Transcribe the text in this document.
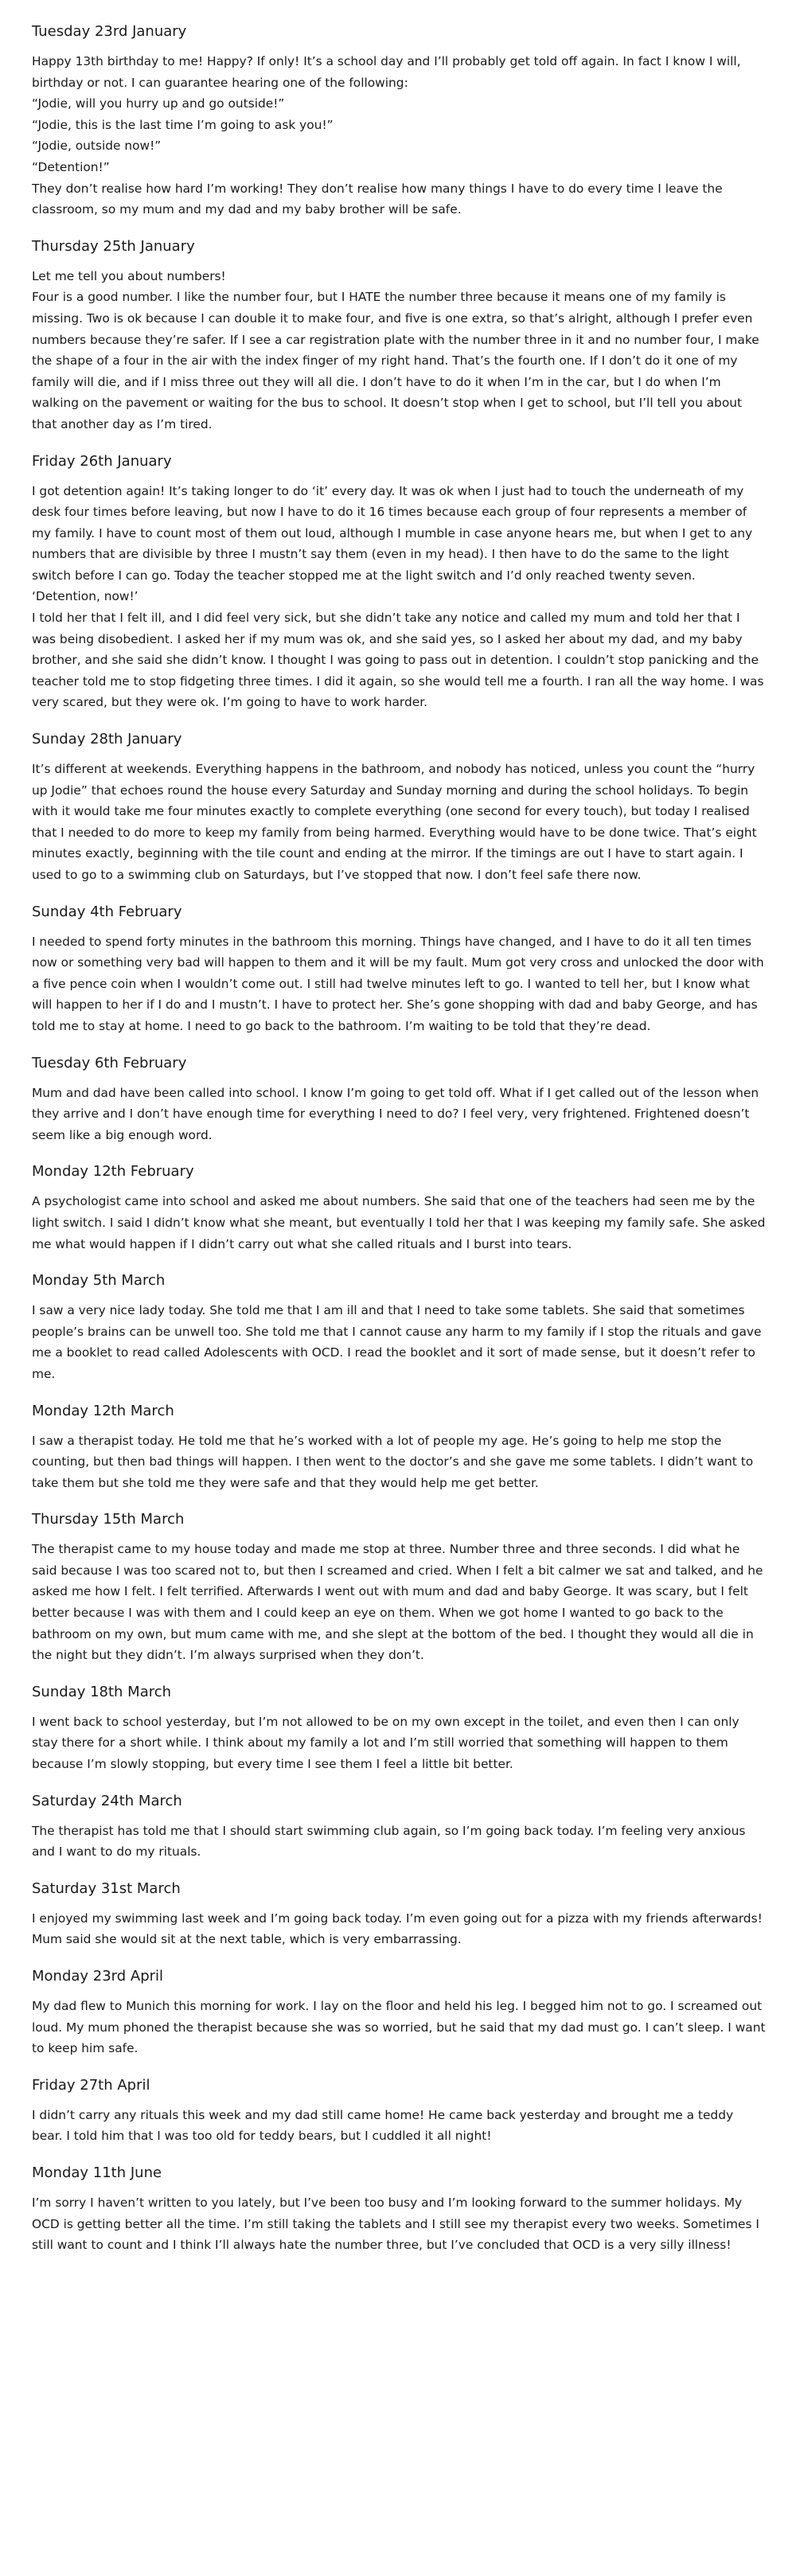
Tuesday 23rd January

Happy 13th birthday to me! Happy? If only! It’s a school day and I’ll probably get told off again. In fact I know I will, birthday or not. I can guarantee hearing one of the following:

“Jodie, will you hurry up and go outside!”

“Jodie, this is the last time I’m going to ask you!”

“Jodie, outside now!”

“Detention!”

They don’t realise how hard I’m working! They don’t realise how many things I have to do every time I leave the classroom, so my mum and my dad and my baby brother will be safe.

Thursday 25th January

Let me tell you about numbers!

Four is a good number. I like the number four, but I HATE the number three because it means one of my family is missing. Two is ok because I can double it to make four, and five is one extra, so that’s alright, although I prefer even numbers because they’re safer. If I see a car registration plate with the number three in it and no number four, I make the shape of a four in the air with the index finger of my right hand. That’s the fourth one. If I don’t do it one of my family will die, and if I miss three out they will all die. I don’t have to do it when I’m in the car, but I do when I’m walking on the pavement or waiting for the bus to school. It doesn’t stop when I get to school, but I’ll tell you about that another day as I’m tired.

Friday 26th January

I got detention again! It’s taking longer to do ‘it’ every day. It was ok when I just had to touch the underneath of my desk four times before leaving, but now I have to do it 16 times because each group of four represents a member of my family. I have to count most of them out loud, although I mumble in case anyone hears me, but when I get to any numbers that are divisible by three I mustn’t say them (even in my head). I then have to do the same to the light switch before I can go. Today the teacher stopped me at the light switch and I’d only reached twenty seven. ‘Detention, now!’

I told her that I felt ill, and I did feel very sick, but she didn’t take any notice and called my mum and told her that I was being disobedient. I asked her if my mum was ok, and she said yes, so I asked her about my dad, and my baby brother, and she said she didn’t know. I thought I was going to pass out in detention. I couldn’t stop panicking and the teacher told me to stop fidgeting three times. I did it again, so she would tell me a fourth. I ran all the way home. I was very scared, but they were ok. I’m going to have to work harder.

Sunday 28th January

It’s different at weekends. Everything happens in the bathroom, and nobody has noticed, unless you count the “hurry up Jodie” that echoes round the house every Saturday and Sunday morning and during the school holidays. To begin with it would take me four minutes exactly to complete everything (one second for every touch), but today I realised that I needed to do more to keep my family from being harmed. Everything would have to be done twice. That’s eight minutes exactly, beginning with the tile count and ending at the mirror. If the timings are out I have to start again. I used to go to a swimming club on Saturdays, but I’ve stopped that now. I don’t feel safe there now.

Sunday 4th February

I needed to spend forty minutes in the bathroom this morning. Things have changed, and I have to do it all ten times now or something very bad will happen to them and it will be my fault. Mum got very cross and unlocked the door with a five pence coin when I wouldn’t come out. I still had twelve minutes left to go. I wanted to tell her, but I know what will happen to her if I do and I mustn’t. I have to protect her. She’s gone shopping with dad and baby George, and has told me to stay at home. I need to go back to the bathroom. I’m waiting to be told that they’re dead.

Tuesday 6th February

Mum and dad have been called into school. I know I’m going to get told off. What if I get called out of the lesson when they arrive and I don’t have enough time for everything I need to do? I feel very, very frightened. Frightened doesn’t seem like a big enough word.

Monday 12th February

A psychologist came into school and asked me about numbers. She said that one of the teachers had seen me by the light switch. I said I didn’t know what she meant, but eventually I told her that I was keeping my family safe. She asked me what would happen if I didn’t carry out what she called rituals and I burst into tears.

Monday 5th March

I saw a very nice lady today. She told me that I am ill and that I need to take some tablets. She said that sometimes people’s brains can be unwell too. She told me that I cannot cause any harm to my family if I stop the rituals and gave me a booklet to read called Adolescents with OCD. I read the booklet and it sort of made sense, but it doesn’t refer to me.

Monday 12th March

I saw a therapist today. He told me that he’s worked with a lot of people my age. He’s going to help me stop the counting, but then bad things will happen. I then went to the doctor’s and she gave me some tablets. I didn’t want to take them but she told me they were safe and that they would help me get better.

Thursday 15th March

The therapist came to my house today and made me stop at three. Number three and three seconds. I did what he said because I was too scared not to, but then I screamed and cried. When I felt a bit calmer we sat and talked, and he asked me how I felt. I felt terrified. Afterwards I went out with mum and dad and baby George. It was scary, but I felt better because I was with them and I could keep an eye on them. When we got home I wanted to go back to the bathroom on my own, but mum came with me, and she slept at the bottom of the bed. I thought they would all die in the night but they didn’t. I’m always surprised when they don’t.

Sunday 18th March

I went back to school yesterday, but I’m not allowed to be on my own except in the toilet, and even then I can only stay there for a short while. I think about my family a lot and I’m still worried that something will happen to them because I’m slowly stopping, but every time I see them I feel a little bit better.

Saturday 24th March

The therapist has told me that I should start swimming club again, so I’m going back today. I’m feeling very anxious and I want to do my rituals.

Saturday 31st March

I enjoyed my swimming last week and I’m going back today. I’m even going out for a pizza with my friends afterwards! Mum said she would sit at the next table, which is very embarrassing.

Monday 23rd April

My dad flew to Munich this morning for work. I lay on the floor and held his leg. I begged him not to go. I screamed out loud. My mum phoned the therapist because she was so worried, but he said that my dad must go. I can’t sleep. I want to keep him safe.

Friday 27th April

I didn’t carry any rituals this week and my dad still came home! He came back yesterday and brought me a teddy bear. I told him that I was too old for teddy bears, but I cuddled it all night!

Monday 11th June

I’m sorry I haven’t written to you lately, but I’ve been too busy and I’m looking forward to the summer holidays. My OCD is getting better all the time. I’m still taking the tablets and I still see my therapist every two weeks. Sometimes I still want to count and I think I’ll always hate the number three, but I’ve concluded that OCD is a very silly illness!
